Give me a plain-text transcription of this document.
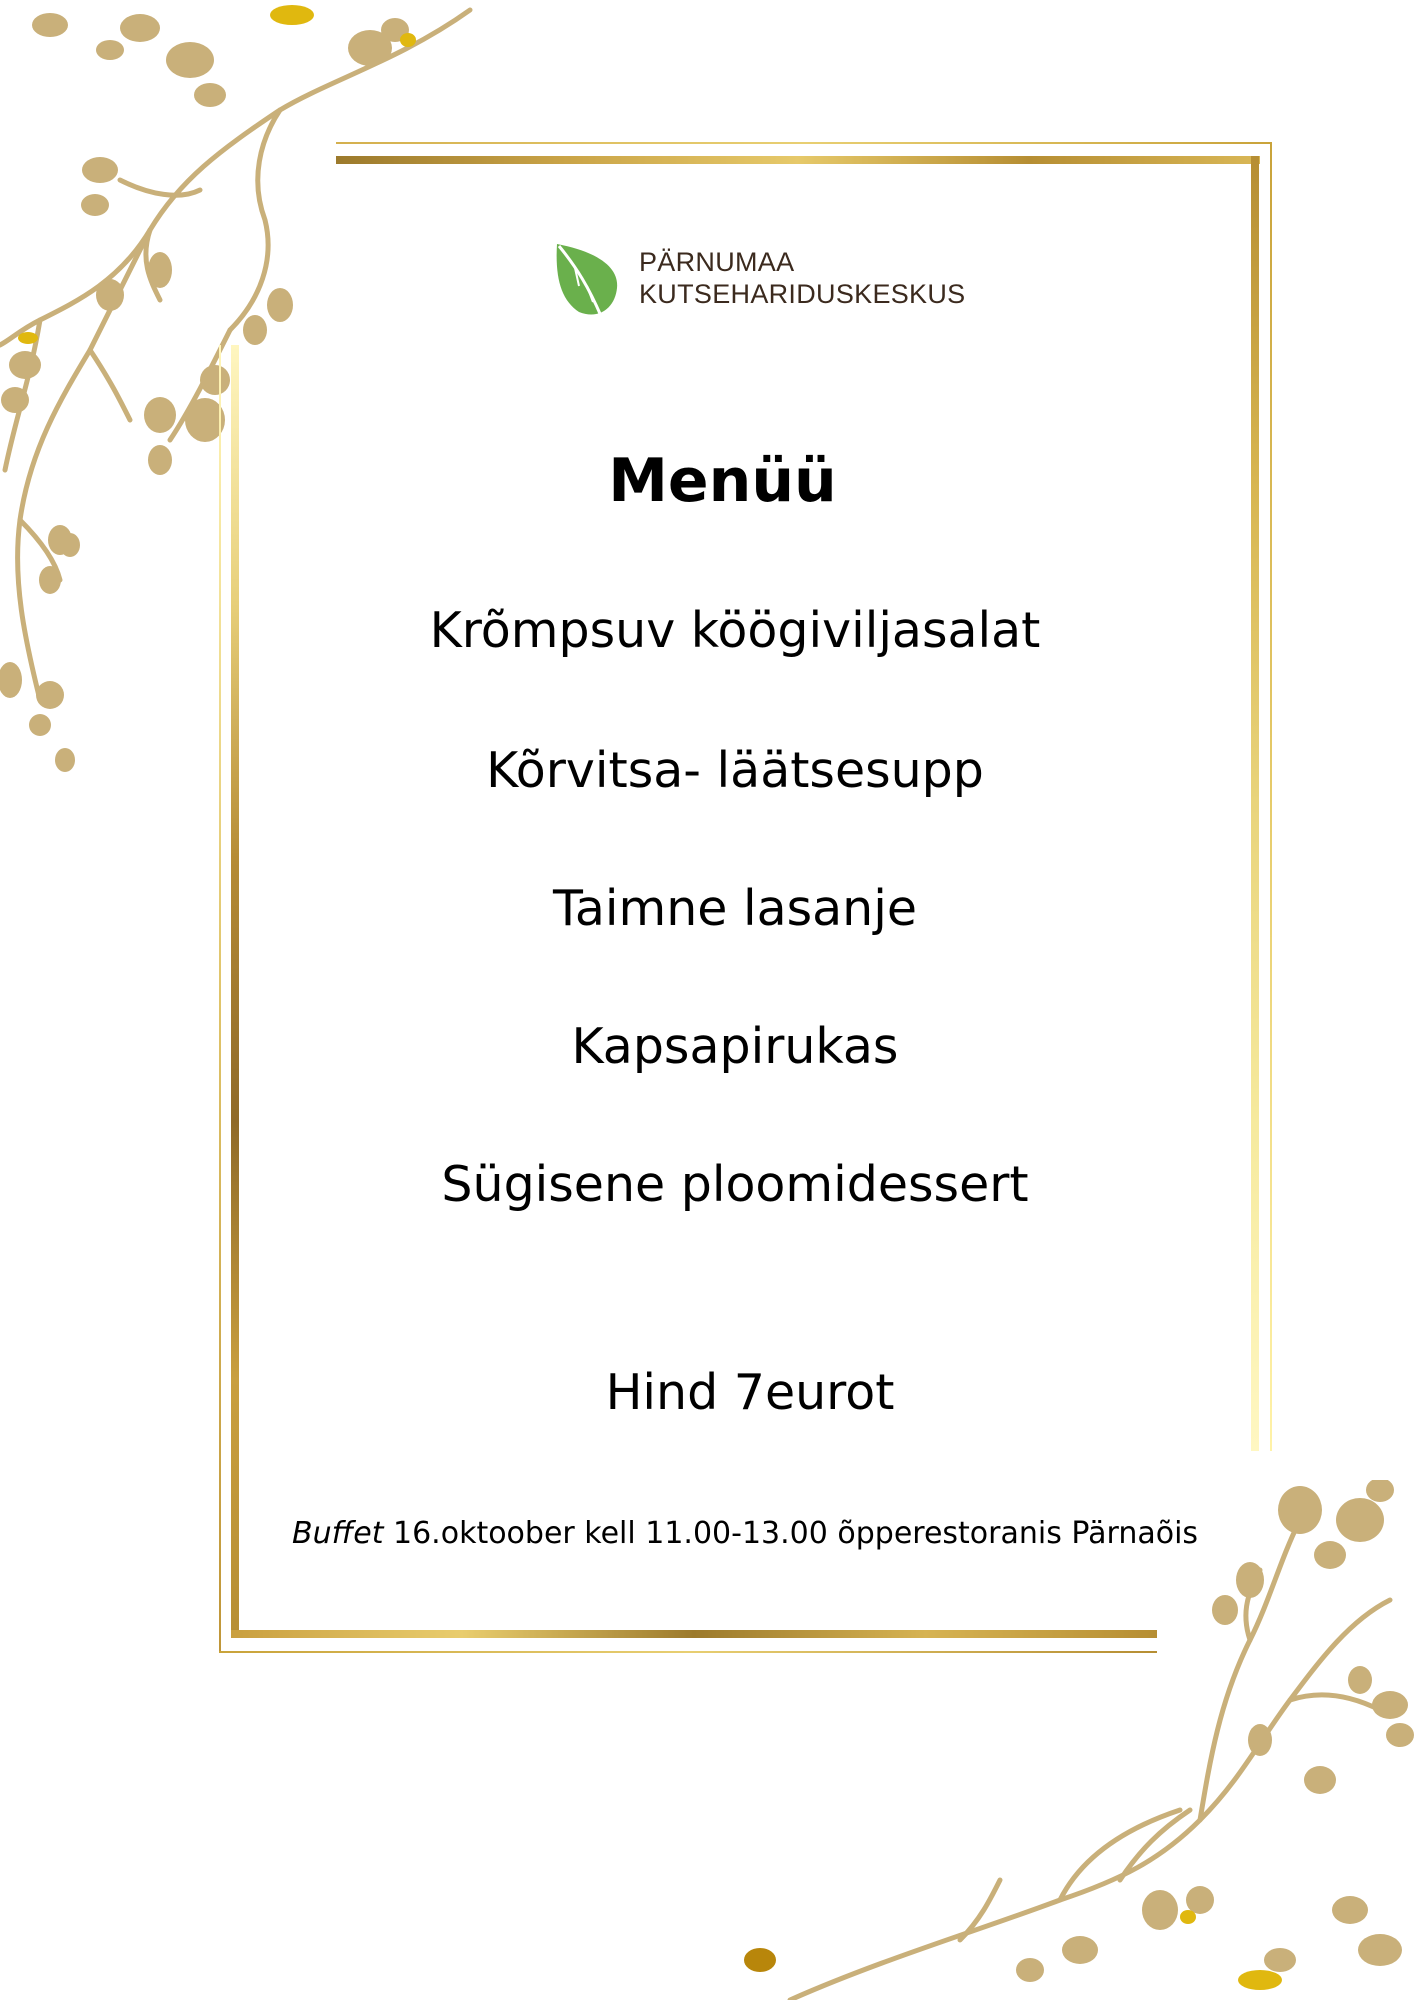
PÄRNUMAA
KUTSEHARIDUSKESKUS
Menüü
Krõmpsuv köögiviljasalat
Kõrvitsa- läätsesupp
Taimne lasanje
Kapsapirukas
Sügisene ploomidessert
Hind 7eurot
Buffet 16.oktoober kell 11.00-13.00 õpperestoranis Pärnaõis
